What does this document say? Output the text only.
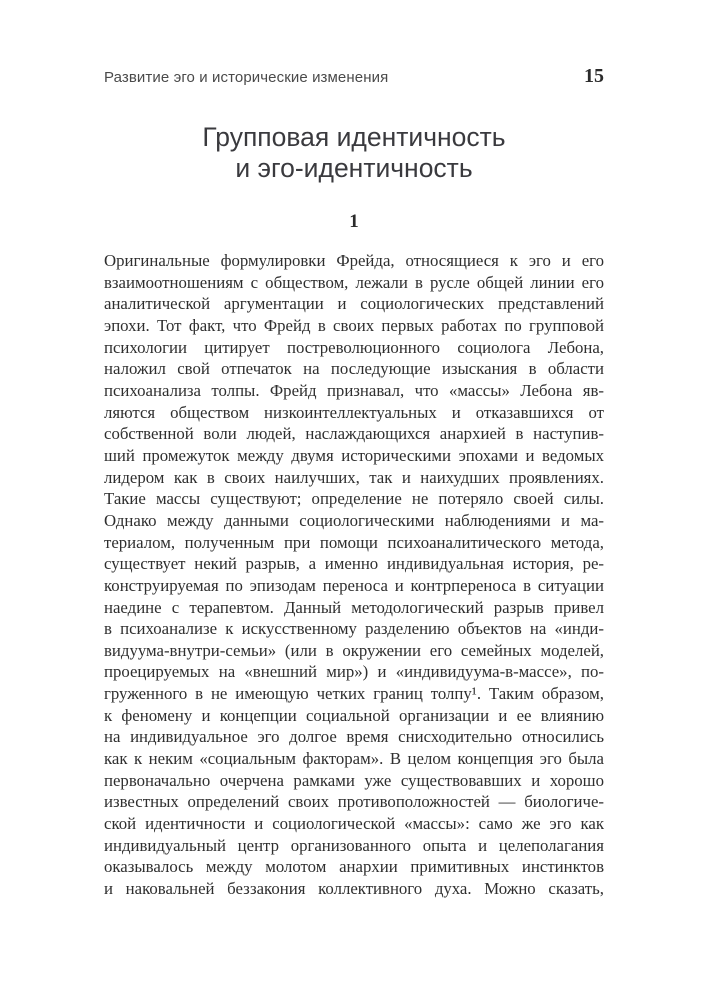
Развитие эго и исторические изменения	15
Групповая идентичность
и эго-идентичность
1
Оригинальные формулировки Фрейда, относящиеся к эго и его
взаимоотношениям с обществом, лежали в русле общей линии его
аналитической аргументации и социологических представлений
эпохи. Тот факт, что Фрейд в своих первых работах по групповой
психологии цитирует постреволюционного социолога Лебона,
наложил свой отпечаток на последующие изыскания в области
психоанализа толпы. Фрейд признавал, что «массы» Лебона яв-
ляются обществом низкоинтеллектуальных и отказавшихся от
собственной воли людей, наслаждающихся анархией в наступив-
ший промежуток между двумя историческими эпохами и ведомых
лидером как в своих наилучших, так и наихудших проявлениях.
Такие массы существуют; определение не потеряло своей силы.
Однако между данными социологическими наблюдениями и ма-
териалом, полученным при помощи психоаналитического метода,
существует некий разрыв, а именно индивидуальная история, ре-
конструируемая по эпизодам переноса и контрпереноса в ситуации
наедине с терапевтом. Данный методологический разрыв привел
в психоанализе к искусственному разделению объектов на «инди-
видуума-внутри-семьи» (или в окружении его семейных моделей,
проецируемых на «внешний мир») и «индивидуума-в-массе», по-
груженного в не имеющую четких границ толпу¹. Таким образом,
к феномену и концепции социальной организации и ее влиянию
на индивидуальное эго долгое время снисходительно относились
как к неким «социальным факторам». В целом концепция эго была
первоначально очерчена рамками уже существовавших и хорошо
известных определений своих противоположностей — биологиче-
ской идентичности и социологической «массы»: само же эго как
индивидуальный центр организованного опыта и целеполагания
оказывалось между молотом анархии примитивных инстинктов
и наковальней беззакония коллективного духа. Можно сказать,
